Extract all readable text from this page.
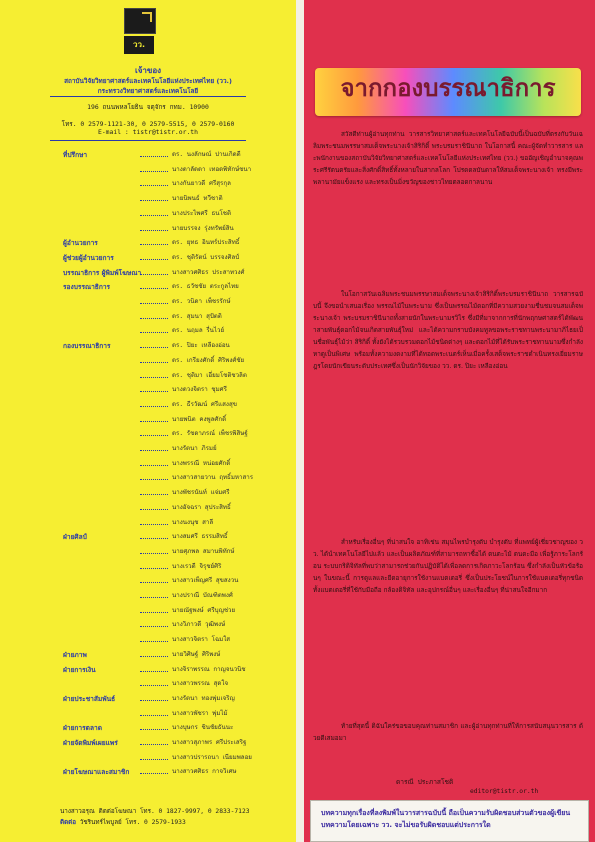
วว.
เจ้าของ
สถาบันวิจัยวิทยาศาสตร์และเทคโนโลยีแห่งประเทศไทย (วว.)
กระทรวงวิทยาศาสตร์และเทคโนโลยี
196 ถนนพหลโยธิน จตุจักร กทม. 10900
โทร. 0 2579-1121-30, 0 2579-5515, 0 2579-0160
E-mail : tistr@tistr.or.th
ที่ปรึกษา	ดร. นงลักษณ์ ปานเกิดดี
นางดาลัดดา เทอดพิทักษ์ชนา
นางกันยาวดี ศรีสุรกุล
นายนิพนธ์ ทวีชาติ
นางประไพศรี ธนโชติ
นายบรรจง รุ่งทรัพย์สิน
ผู้อำนวยการ	ดร. ยุทธ อินทร์ประสิทธิ์
ผู้ช่วยผู้อำนวยการ	ดร. ชุติรัตน์ บรรจงศิลป์
บรรณาธิการ ผู้พิมพ์โฆษณา	นางสาวศศิธร ประสาทวงศ์
รองบรรณาธิการ	ดร. ธวัชชัย ตระกูลไทย
ดร. วนิดา เพ็ชรรักษ์
ดร. สุมนา สุปัตติ
ดร. นฤมล รื่นไวย์
กองบรรณาธิการ	ดร. ปิยะ เหลืองอ่อน
ดร. เกรียงศักดิ์ ศิริพงศ์ชัย
ดร. ชุติมา เอี่ยมโชติชวลิต
นางดวงจิตรา ชุมศรี
ดร. ธีรวัฒน์ ศรีแสงสุข
นายพนิต คงพูลศักดิ์
ดร. รัชดาภรณ์ เพ็ชรพิสิษฐ์
นางรัตนา ภิรมย์
นางพรรณี หน่อยศักดิ์
นางสาวสายวาน ฤทธิ์มหาสาร
นางพัชรนันท์ แจ่มศรี
นางอัจฉรา สุประสิทธิ์
นางนงนุช สาลี
ฝ่ายศิลป์	นางสมศรี ธรรมสิทธิ์
นายศุภพล สมานพิทักษ์
นางเรวดี จิรุชย์ศิริ
นางสาวเพ็ญศรี สุขสงวน
นางปราณี บัณฑิตพงศ์
นายณัฐพงษ์ ศรีบุญช่วย
นางวิภาวดี วุฒิพงษ์
นางสาวจิตรา โฉมใส
ฝ่ายภาพ	นายวิศิษฐ์ ศิริพงษ์
ฝ่ายการเงิน	นางจิราพรรณ กาญจนวนิช
นางสาวพรรณ สุดใจ
ฝ่ายประชาสัมพันธ์	นางรัตนา ทองพุ่มเจริญ
นางสาวพัชรา พุ่มไม้
ฝ่ายการตลาด	นางบุษกร ชินชัยธันนะ
ฝ่ายจัดพิมพ์เผยแพร่	นางสาวสุภาพร ศรีประเสริฐ
นางสาวปรารถนา เนียมพลอย
ฝ่ายโฆษณาและสมาชิก	นางสาวศศิธร กาจวิเศษ
นางสาวอรุณ ติดต่อโฆษณา โทร. 0 1827-9997, 0 2833-7123
ติดต่อ วัชรินทร์ไพบูลย์ โทร. 0 2579-1933
จากกองบรรณาธิการ
สวัสดีท่านผู้อ่านทุกท่าน วารสารวิทยาศาสตร์และเทคโนโลยีฉบับนี้เป็นฉบับที่ตรงกับวันเฉลิมพระชนมพรรษาสมเด็จพระนางเจ้าสิริกิติ์ พระบรมราชินีนาถ ในโอกาสนี้ คณะผู้จัดทำวารสาร และพนักงานของสถาบันวิจัยวิทยาศาสตร์และเทคโนโลยีแห่งประเทศไทย (วว.) ขออัญเชิญอำนาจคุณพระศรีรัตนตรัยและสิ่งศักดิ์สิทธิ์ทั้งหลายในสากลโลก โปรดดลบันดาลให้สมเด็จพระนางเจ้า ทรงมีพระพลานามัยแข็งแรง และทรงเป็นมิ่งขวัญของชาวไทยตลอดกาลนาน
ในโอกาสวันเฉลิมพระชนมพรรษาสมเด็จพระนางเจ้าสิริกิติ์พระบรมราชินีนาถ วารสารฉบับนี้ จึงขอนำเสนอเรื่อง พรรณไม้ในพระนาม ซึ่งเป็นพรรณไม้ดอกที่มีความสวยงามชื่นชมจนสมเด็จพระนางเจ้า พระบรมราชินีนาถทั้งสายนักในพระนามรวิไร ซึ่งมีที่มาจากการที่นักพฤกษศาสตร์ได้พัฒนาสายพันธุ์ดอกไม้จนเกิดสายพันธุ์ใหม่ และได้ความกราบบังคมทูลขอพระราชทานพระนามาภิไธยเป็นชื่อพันธุ์ไม้ว่า สิริกิติ์ ทั้งยังได้รวบรวมดอกไม้ชนิดต่างๆ และดอกไม้ที่ได้รับพระราชทานนามซึ่งกำลังหาดูเป็นพิเศษ พร้อมทั้งความงดงามที่ได้ทอดพระเนตร์เห็นเมื่อครั้งเสด็จพระราชดำเนินทรงเยี่ยมราษฎรโดยนักเขียนระดับประเทศซึ่งเป็นนักวิจัยของ วว. ดร. ปิยะ เหลืองอ่อน
สำหรับเรื่องอื่นๆ ที่น่าสนใจ อาทิเช่น สมุนไพรบำรุงตับ บำรุงตับ ที่แพทย์ผู้เชี่ยวชาญของ วว. ได้นำเทคโนโลยีไปแล้ว และเป็นผลิตภัณฑ์ที่สามารถหาซื้อได้ ตนตะไม้ ตนตะมือ เพื่อรู้ภาระโลกร้อน ระบบกริดิจิทัลที่พบว่าสามารถช่วยกันปฏิบัติได้เพื่อลดการเกิดภาวะโลกร้อน ซึ่งกำลังเป็นหัวข้อร้อนๆ ในขณะนี้ การดูแลและยืดอายุการใช้งานแบตเตอรี่ ซึ่งเป็นประโยชน์ในการใช้แบตเตอรี่ทุกชนิด ทั้งแบตเตอรี่ที่ใช้กับมือถือ กล้องดิจิทัล และอุปกรณ์อื่นๆ และเรื่องอื่นๆ ที่น่าสนใจอีกมาก
ท้ายที่สุดนี้ ดิฉันใคร่ขอขอบคุณท่านสมาชิก และผู้อ่านทุกท่านที่ให้การสนับสนุนวารสาร ด้วยดีเสมอมา
ดารณี ประภาสโชติ
editor@tistr.or.th
บทความทุกเรื่องที่ลงพิมพ์ในวารสารฉบับนี้ ถือเป็นความรับผิดชอบส่วนตัวของผู้เขียนบทความโดยเฉพาะ วว. จะไม่ขอรับผิดชอบแต่ประการใด
